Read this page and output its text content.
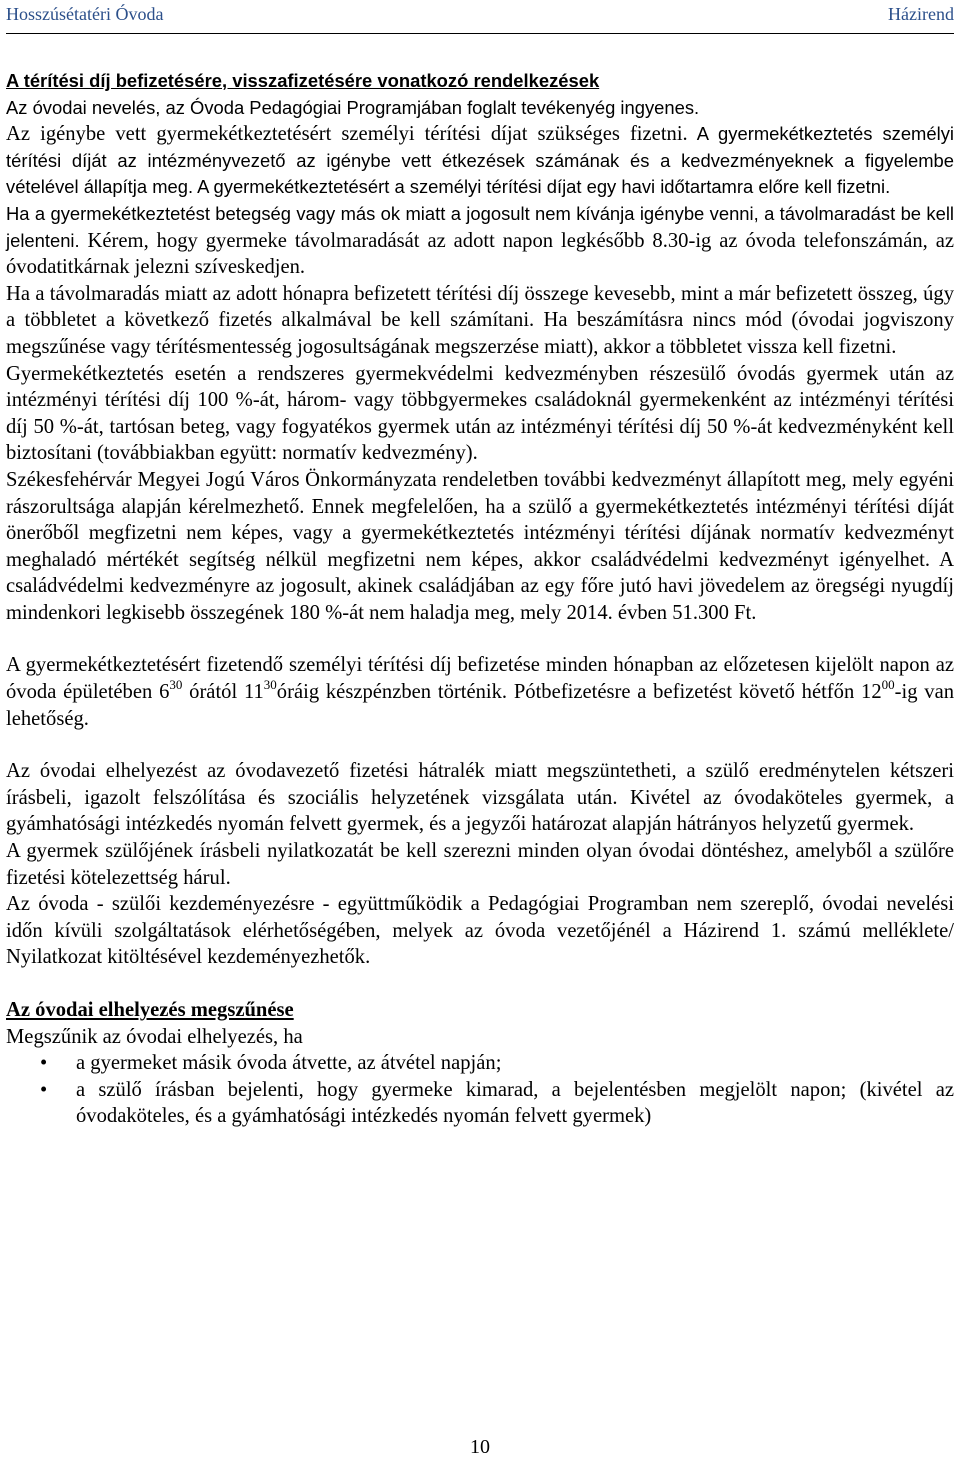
Hosszúsétatéri Óvoda	Házirend

A térítési díj befizetésére, visszafizetésére vonatkozó rendelkezések

Az óvodai nevelés, az Óvoda Pedagógiai Programjában foglalt tevékenyég ingyenes.

Az igénybe vett gyermekétkeztetésért személyi térítési díjat szükséges fizetni. A gyermekétkeztetés személyi térítési díját az intézményvezető az igénybe vett étkezések számának és a kedvezményeknek a figyelembe vételével állapítja meg. A gyermekétkeztetésért a személyi térítési díjat egy havi időtartamra előre kell fizetni.

Ha a gyermekétkeztetést betegség vagy más ok miatt a jogosult nem kívánja igénybe venni, a távolmaradást be kell jelenteni. Kérem, hogy gyermeke távolmaradását az adott napon legkésőbb 8.30-ig az óvoda telefonszámán, az óvodatitkárnak jelezni szíveskedjen.

Ha a távolmaradás miatt az adott hónapra befizetett térítési díj összege kevesebb, mint a már befizetett összeg, úgy a többletet a következő fizetés alkalmával be kell számítani. Ha beszámításra nincs mód (óvodai jogviszony megszűnése vagy térítésmentesség jogosultságának megszerzése miatt), akkor a többletet vissza kell fizetni.

Gyermekétkeztetés esetén a rendszeres gyermekvédelmi kedvezményben részesülő óvodás gyermek után az intézményi térítési díj 100 %-át, három- vagy többgyermekes családoknál gyermekenként az intézményi térítési díj 50 %-át, tartósan beteg, vagy fogyatékos gyermek után az intézményi térítési díj 50 %-át kedvezményként kell biztosítani (továbbiakban együtt: normatív kedvezmény).

Székesfehérvár Megyei Jogú Város Önkormányzata rendeletben további kedvezményt állapított meg, mely egyéni rászorultsága alapján kérelmezhető. Ennek megfelelően, ha a szülő a gyermekétkeztetés intézményi térítési díját önerőből megfizetni nem képes, vagy a gyermekétkeztetés intézményi térítési díjának normatív kedvezményt meghaladó mértékét segítség nélkül megfizetni nem képes, akkor családvédelmi kedvezményt igényelhet. A családvédelmi kedvezményre az jogosult, akinek családjában az egy főre jutó havi jövedelem az öregségi nyugdíj mindenkori legkisebb összegének 180 %-át nem haladja meg, mely 2014. évben 51.300 Ft.

A gyermekétkeztetésért fizetendő személyi térítési díj befizetése minden hónapban az előzetesen kijelölt napon az óvoda épületében $6^{30}$ órától $11^{30}óráig$ készpénzben történik. Pótbefizetésre a befizetést követő hétfőn $12^{00}-ig$ van lehetőség.

Az óvodai elhelyezést az óvodavezető fizetési hátralék miatt megszüntetheti, a szülő eredménytelen kétszeri írásbeli, igazolt felszólítása és szociális helyzetének vizsgálata után. Kivétel az óvodaköteles gyermek, a gyámhatósági intézkedés nyomán felvett gyermek, és a jegyzői határozat alapján hátrányos helyzetű gyermek.

A gyermek szülőjének írásbeli nyilatkozatát be kell szerezni minden olyan óvodai döntéshez, amelyből a szülőre fizetési kötelezettség hárul.

Az óvoda - szülői kezdeményezésre - együttműködik a Pedagógiai Programban nem szereplő, óvodai nevelési időn kívüli szolgáltatások elérhetőségében, melyek az óvoda vezetőjénél a Házirend 1. számú melléklete/ Nyilatkozat kitöltésével kezdeményezhetők.

Az óvodai elhelyezés megszűnése

Megszűnik az óvodai elhelyezés, ha

• a gyermeket másik óvoda átvette, az átvétel napján;
• a szülő írásban bejelenti, hogy gyermeke kimarad, a bejelentésben megjelölt napon; (kivétel az óvodaköteles, és a gyámhatósági intézkedés nyomán felvett gyermek)
10
